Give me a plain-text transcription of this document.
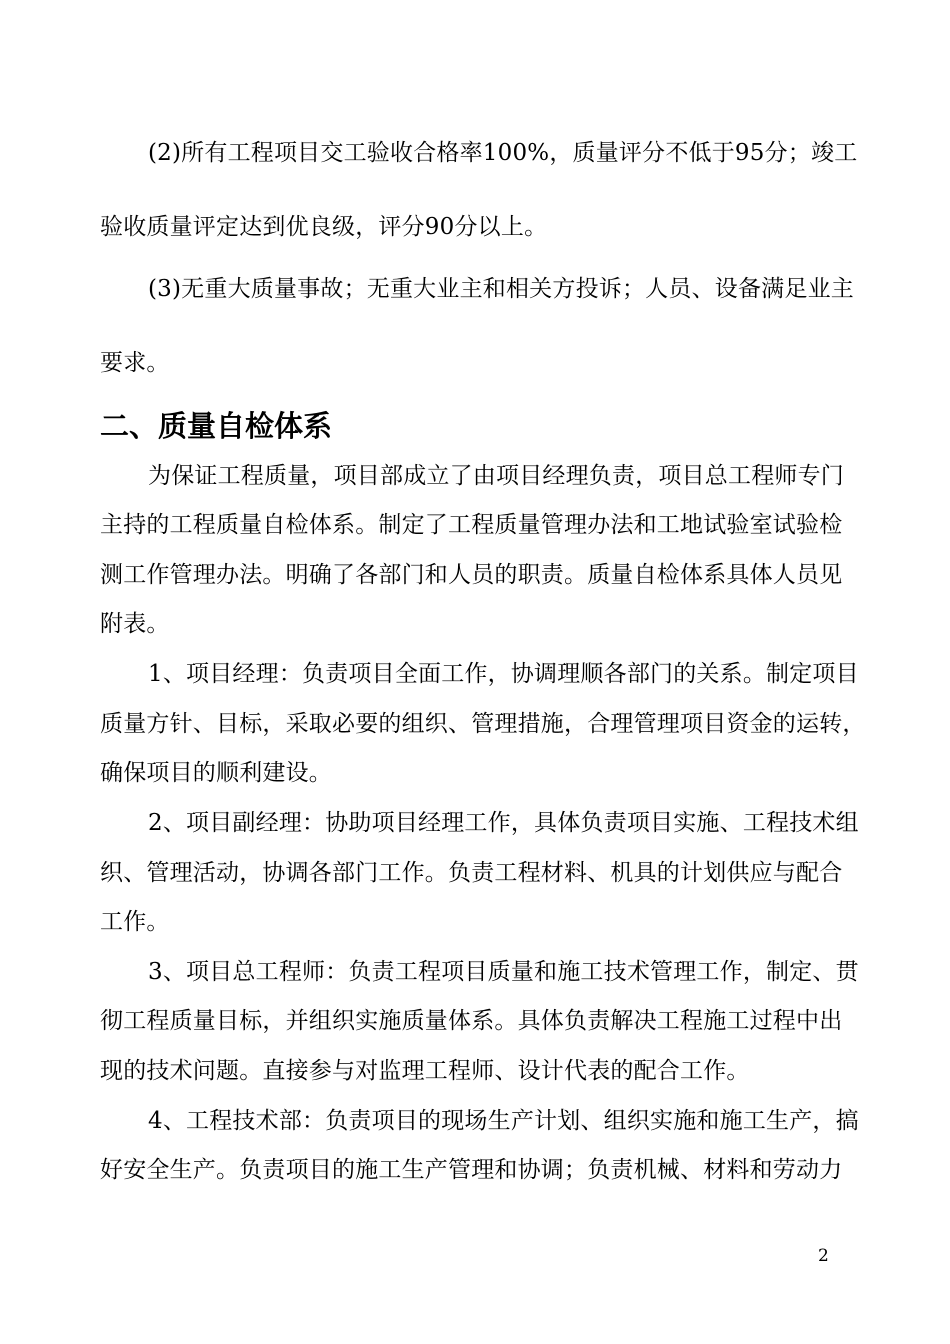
(2)所有工程项目交工验收合格率100%，质量评分不低于95分；竣工
验收质量评定达到优良级，评分90分以上。
(3)无重大质量事故；无重大业主和相关方投诉；人员、设备满足业主
要求。
二、质量自检体系
为保证工程质量，项目部成立了由项目经理负责，项目总工程师专门
主持的工程质量自检体系。制定了工程质量管理办法和工地试验室试验检
测工作管理办法。明确了各部门和人员的职责。质量自检体系具体人员见
附表。
1、项目经理：负责项目全面工作，协调理顺各部门的关系。制定项目
质量方针、目标，采取必要的组织、管理措施，合理管理项目资金的运转，
确保项目的顺利建设。
2、项目副经理：协助项目经理工作，具体负责项目实施、工程技术组
织、管理活动，协调各部门工作。负责工程材料、机具的计划供应与配合
工作。
3、项目总工程师：负责工程项目质量和施工技术管理工作，制定、贯
彻工程质量目标，并组织实施质量体系。具体负责解决工程施工过程中出
现的技术问题。直接参与对监理工程师、设计代表的配合工作。
4、工程技术部：负责项目的现场生产计划、组织实施和施工生产，搞
好安全生产。负责项目的施工生产管理和协调；负责机械、材料和劳动力
2
